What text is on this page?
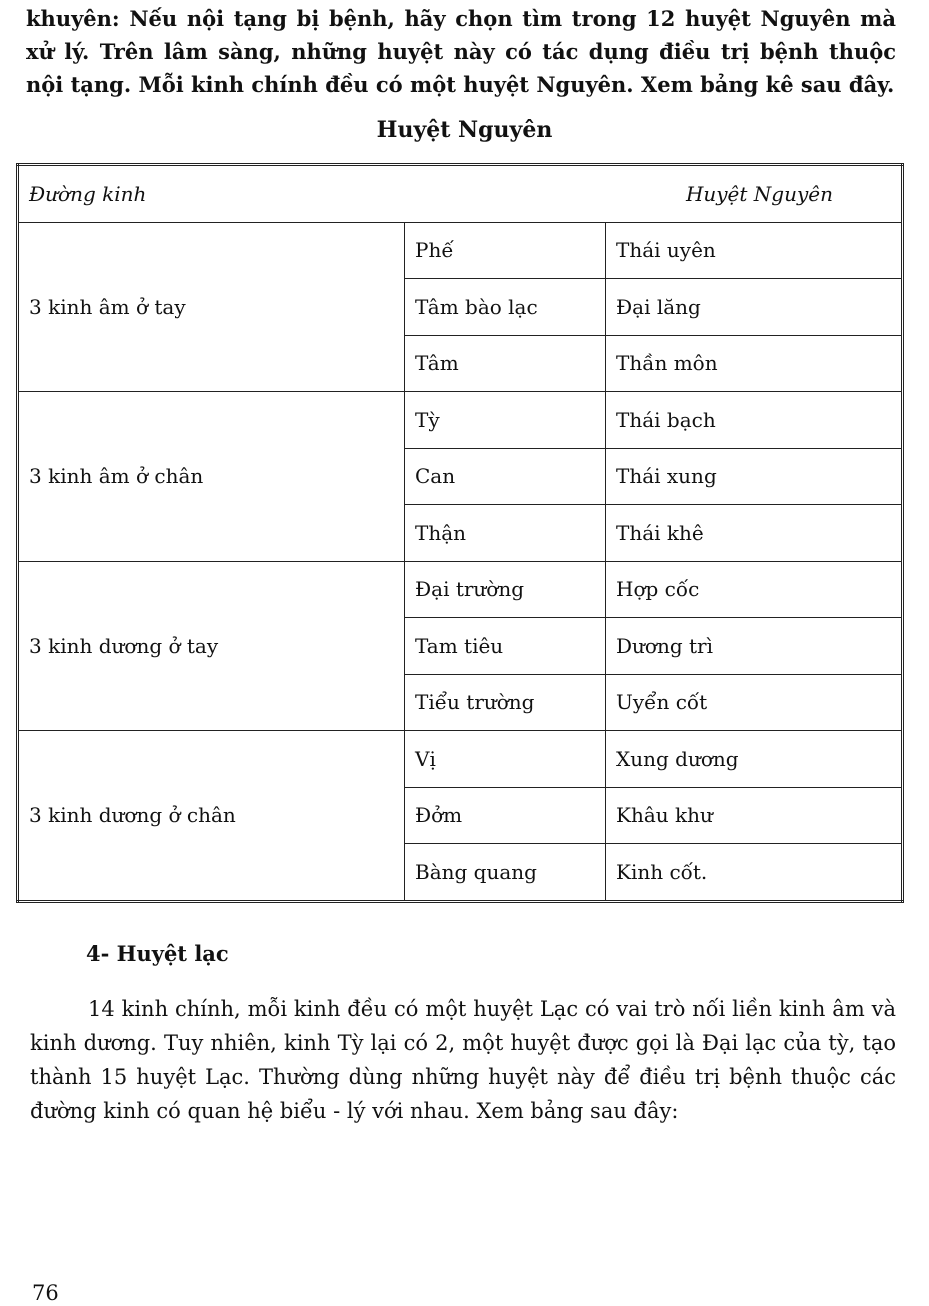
khuyên: Nếu nội tạng bị bệnh, hãy chọn tìm trong 12 huyệt Nguyên mà xử lý. Trên lâm sàng, những huyệt này có tác dụng điều trị bệnh thuộc nội tạng. Mỗi kinh chính đều có một huyệt Nguyên. Xem bảng kê sau đây.

Huyệt Nguyên
Đường kinh		Huyệt Nguyên
3 kinh âm ở tay	Phế	Thái uyên
	Tâm bào lạc	Đại lăng
	Tâm	Thần môn
3 kinh âm ở chân	Tỳ	Thái bạch
	Can	Thái xung
	Thận	Thái khê
3 kinh dương ở tay	Đại trường	Hợp cốc
	Tam tiêu	Dương trì
	Tiểu trường	Uyển cốt
3 kinh dương ở chân	Vị	Xung dương
	Đởm	Khâu khư
	Bàng quang	Kinh cốt.
4- Huyệt lạc

14 kinh chính, mỗi kinh đều có một huyệt Lạc có vai trò nối liền kinh âm và kinh dương. Tuy nhiên, kinh Tỳ lại có 2, một huyệt được gọi là Đại lạc của tỳ, tạo thành 15 huyệt Lạc. Thường dùng những huyệt này để điều trị bệnh thuộc các đường kinh có quan hệ biểu - lý với nhau. Xem bảng sau đây:

76
